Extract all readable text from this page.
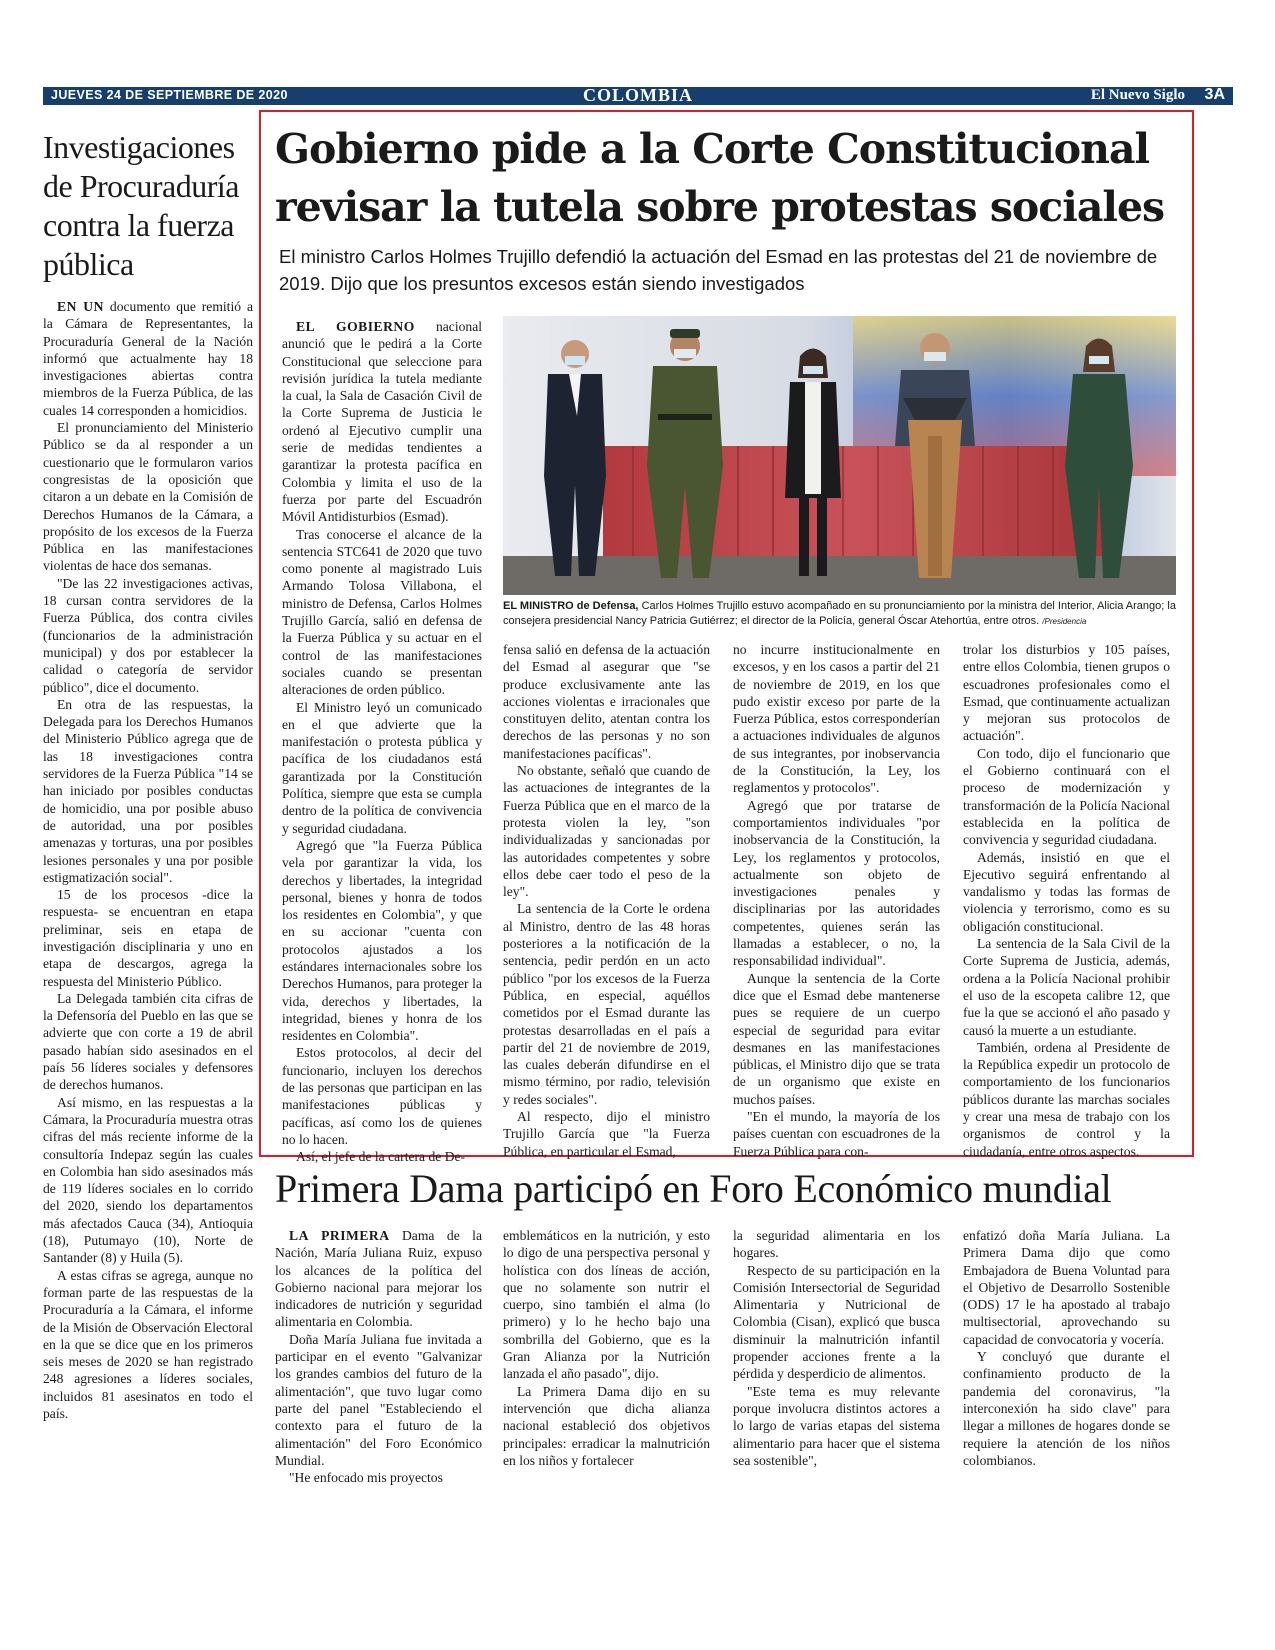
JUEVES 24 DE SEPTIEMBRE DE 2020	COLOMBIA	El Nuevo Siglo 3A
Investigaciones de Procuraduría contra la fuerza pública

EN UN documento que remitió a la Cámara de Representantes, la Procuraduría General de la Nación informó que actualmente hay 18 investigaciones abiertas contra miembros de la Fuerza Pública, de las cuales 14 corresponden a homicidios.

El pronunciamiento del Ministerio Público se da al responder a un cuestionario que le formularon varios congresistas de la oposición que citaron a un debate en la Comisión de Derechos Humanos de la Cámara, a propósito de los excesos de la Fuerza Pública en las manifestaciones violentas de hace dos semanas.

"De las 22 investigaciones activas, 18 cursan contra servidores de la Fuerza Pública, dos contra civiles (funcionarios de la administración municipal) y dos por establecer la calidad o categoría de servidor público", dice el documento.

En otra de las respuestas, la Delegada para los Derechos Humanos del Ministerio Público agrega que de las 18 investigaciones contra servidores de la Fuerza Pública "14 se han iniciado por posibles conductas de homicidio, una por posible abuso de autoridad, una por posibles amenazas y torturas, una por posibles lesiones personales y una por posible estigmatización social".

15 de los procesos -dice la respuesta- se encuentran en etapa preliminar, seis en etapa de investigación disciplinaria y uno en etapa de descargos, agrega la respuesta del Ministerio Público.

La Delegada también cita cifras de la Defensoría del Pueblo en las que se advierte que con corte a 19 de abril pasado habían sido asesinados en el país 56 líderes sociales y defensores de derechos humanos.

Así mismo, en las respuestas a la Cámara, la Procuraduría muestra otras cifras del más reciente informe de la consultoría Indepaz según las cuales en Colombia han sido asesinados más de 119 líderes sociales en lo corrido del 2020, siendo los departamentos más afectados Cauca (34), Antioquia (18), Putumayo (10), Norte de Santander (8) y Huila (5).

A estas cifras se agrega, aunque no forman parte de las respuestas de la Procuraduría a la Cámara, el informe de la Misión de Observación Electoral en la que se dice que en los primeros seis meses de 2020 se han registrado 248 agresiones a líderes sociales, incluidos 81 asesinatos en todo el país.

Gobierno pide a la Corte Constitucional revisar la tutela sobre protestas sociales

El ministro Carlos Holmes Trujillo defendió la actuación del Esmad en las protestas del 21 de noviembre de 2019. Dijo que los presuntos excesos están siendo investigados

EL GOBIERNO nacional anunció que le pedirá a la Corte Constitucional que seleccione para revisión jurídica la tutela mediante la cual, la Sala de Casación Civil de la Corte Suprema de Justicia le ordenó al Ejecutivo cumplir una serie de medidas tendientes a garantizar la protesta pacífica en Colombia y limita el uso de la fuerza por parte del Escuadrón Móvil Antidisturbios (Esmad).

Tras conocerse el alcance de la sentencia STC641 de 2020 que tuvo como ponente al magistrado Luis Armando Tolosa Villabona, el ministro de Defensa, Carlos Holmes Trujillo García, salió en defensa de la Fuerza Pública y su actuar en el control de las manifestaciones sociales cuando se presentan alteraciones de orden público.

El Ministro leyó un comunicado en el que advierte que la manifestación o protesta pública y pacífica de los ciudadanos está garantizada por la Constitución Política, siempre que esta se cumpla dentro de la política de convivencia y seguridad ciudadana.

Agregó que "la Fuerza Pública vela por garantizar la vida, los derechos y libertades, la integridad personal, bienes y honra de todos los residentes en Colombia", y que en su accionar "cuenta con protocolos ajustados a los estándares internacionales sobre los Derechos Humanos, para proteger la vida, derechos y libertades, la integridad, bienes y honra de los residentes en Colombia".

Estos protocolos, al decir del funcionario, incluyen los derechos de las personas que participan en las manifestaciones públicas y pacíficas, así como los de quienes no lo hacen.

Así, el jefe de la cartera de De-

EL MINISTRO de Defensa, Carlos Holmes Trujillo estuvo acompañado en su pronunciamiento por la ministra del Interior, Alicia Arango; la consejera presidencial Nancy Patricia Gutiérrez; el director de la Policía, general Óscar Atehortúa, entre otros. /Presidencia

fensa salió en defensa de la actuación del Esmad al asegurar que "se produce exclusivamente ante las acciones violentas e irracionales que constituyen delito, atentan contra los derechos de las personas y no son manifestaciones pacíficas".

No obstante, señaló que cuando de las actuaciones de integrantes de la Fuerza Pública que en el marco de la protesta violen la ley, "son individualizadas y sancionadas por las autoridades competentes y sobre ellos debe caer todo el peso de la ley".

La sentencia de la Corte le ordena al Ministro, dentro de las 48 horas posteriores a la notificación de la sentencia, pedir perdón en un acto público "por los excesos de la Fuerza Pública, en especial, aquéllos cometidos por el Esmad durante las protestas desarrolladas en el país a partir del 21 de noviembre de 2019, las cuales deberán difundirse en el mismo término, por radio, televisión y redes sociales".

Al respecto, dijo el ministro Trujillo García que "la Fuerza Pública, en particular el Esmad,

no incurre institucionalmente en excesos, y en los casos a partir del 21 de noviembre de 2019, en los que pudo existir exceso por parte de la Fuerza Pública, estos corresponderían a actuaciones individuales de algunos de sus integrantes, por inobservancia de la Constitución, la Ley, los reglamentos y protocolos".

Agregó que por tratarse de comportamientos individuales "por inobservancia de la Constitución, la Ley, los reglamentos y protocolos, actualmente son objeto de investigaciones penales y disciplinarias por las autoridades competentes, quienes serán las llamadas a establecer, o no, la responsabilidad individual".

Aunque la sentencia de la Corte dice que el Esmad debe mantenerse pues se requiere de un cuerpo especial de seguridad para evitar desmanes en las manifestaciones públicas, el Ministro dijo que se trata de un organismo que existe en muchos países.

"En el mundo, la mayoría de los países cuentan con escuadrones de la Fuerza Pública para con-

trolar los disturbios y 105 países, entre ellos Colombia, tienen grupos o escuadrones profesionales como el Esmad, que continuamente actualizan y mejoran sus protocolos de actuación".

Con todo, dijo el funcionario que el Gobierno continuará con el proceso de modernización y transformación de la Policía Nacional establecida en la política de convivencia y seguridad ciudadana.

Además, insistió en que el Ejecutivo seguirá enfrentando al vandalismo y todas las formas de violencia y terrorismo, como es su obligación constitucional.

La sentencia de la Sala Civil de la Corte Suprema de Justicia, además, ordena a la Policía Nacional prohibir el uso de la escopeta calibre 12, que fue la que se accionó el año pasado y causó la muerte a un estudiante.

También, ordena al Presidente de la República expedir un protocolo de comportamiento de los funcionarios públicos durante las marchas sociales y crear una mesa de trabajo con los organismos de control y la ciudadanía, entre otros aspectos.

Primera Dama participó en Foro Económico mundial

LA PRIMERA Dama de la Nación, María Juliana Ruiz, expuso los alcances de la política del Gobierno nacional para mejorar los indicadores de nutrición y seguridad alimentaria en Colombia.

Doña María Juliana fue invitada a participar en el evento "Galvanizar los grandes cambios del futuro de la alimentación", que tuvo lugar como parte del panel "Estableciendo el contexto para el futuro de la alimentación" del Foro Económico Mundial.

"He enfocado mis proyectos

emblemáticos en la nutrición, y esto lo digo de una perspectiva personal y holística con dos líneas de acción, que no solamente son nutrir el cuerpo, sino también el alma (lo primero) y lo he hecho bajo una sombrilla del Gobierno, que es la Gran Alianza por la Nutrición lanzada el año pasado", dijo.

La Primera Dama dijo en su intervención que dicha alianza nacional estableció dos objetivos principales: erradicar la malnutrición en los niños y fortalecer

la seguridad alimentaria en los hogares.

Respecto de su participación en la Comisión Intersectorial de Seguridad Alimentaria y Nutricional de Colombia (Cisan), explicó que busca disminuir la malnutrición infantil propender acciones frente a la pérdida y desperdicio de alimentos.

"Este tema es muy relevante porque involucra distintos actores a lo largo de varias etapas del sistema alimentario para hacer que el sistema sea sostenible",

enfatizó doña María Juliana. La Primera Dama dijo que como Embajadora de Buena Voluntad para el Objetivo de Desarrollo Sostenible (ODS) 17 le ha apostado al trabajo multisectorial, aprovechando su capacidad de convocatoria y vocería.

Y concluyó que durante el confinamiento producto de la pandemia del coronavirus, "la interconexión ha sido clave" para llegar a millones de hogares donde se requiere la atención de los niños colombianos.
